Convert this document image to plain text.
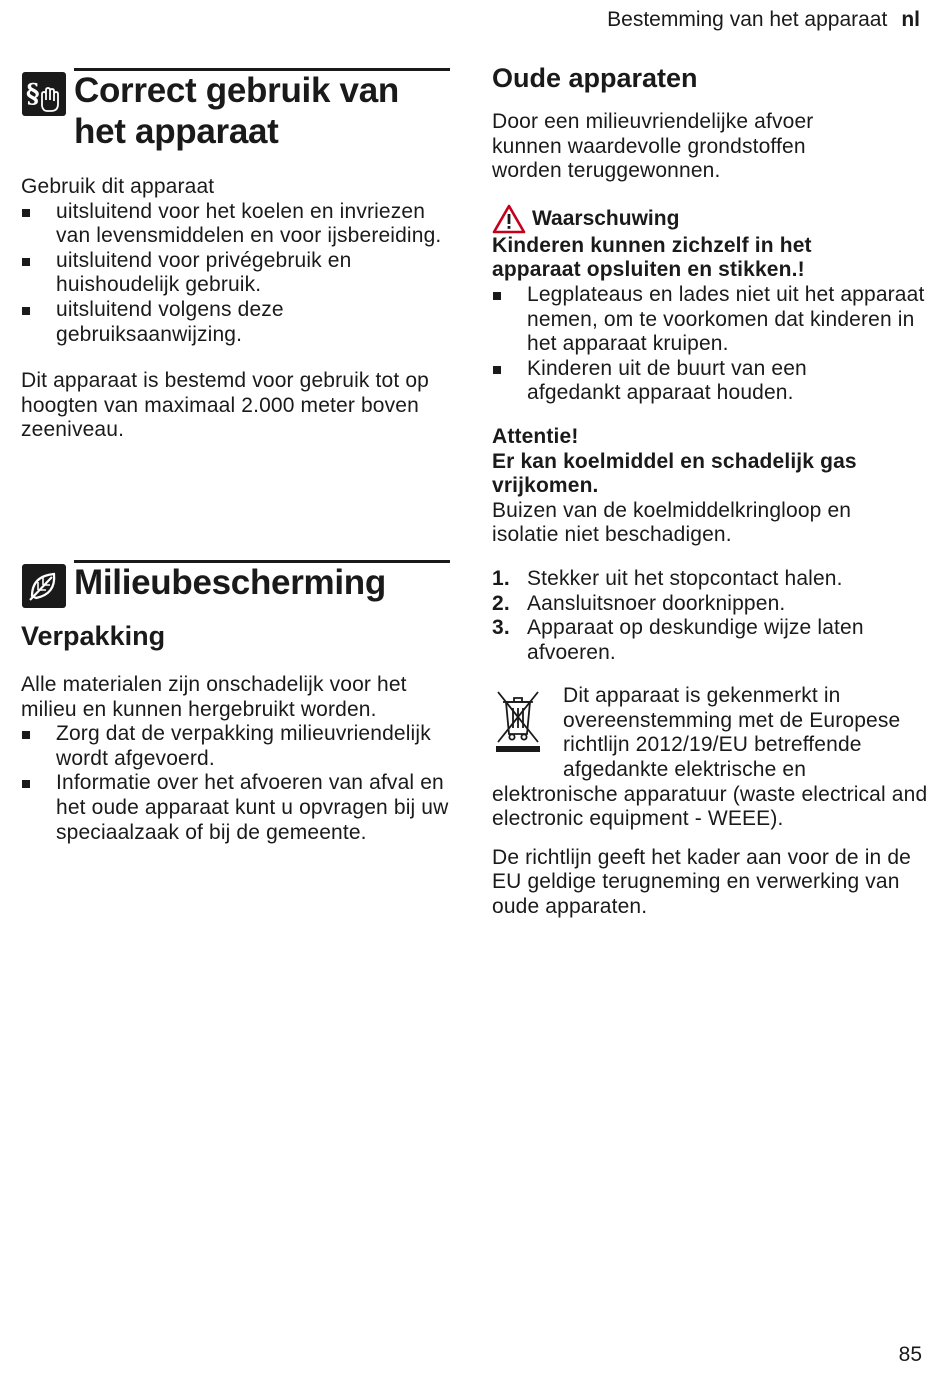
Bestemming van het apparaat nl
§ Correct gebruik van
het apparaat

Gebruik dit apparaat

uitsluitend voor het koelen en invriezen van levensmiddelen en voor ijsbereiding.
uitsluitend voor privégebruik en huishoudelijk gebruik.
uitsluitend volgens deze gebruiksaanwijzing.

Dit apparaat is bestemd voor gebruik tot op hoogten van maximaal 2.000 meter boven zeeniveau.

Milieubescherming
Verpakking

Alle materialen zijn onschadelijk voor het milieu en kunnen hergebruikt worden.

Zorg dat de verpakking milieuvriendelijk wordt afgevoerd.
Informatie over het afvoeren van afval en het oude apparaat kunt u opvragen bij uw speciaalzaak of bij de gemeente.
Oude apparaten

Door een milieuvriendelijke afvoer kunnen waardevolle grondstoffen worden teruggewonnen.

Waarschuwing

Kinderen kunnen zichzelf in het apparaat opsluiten en stikken.!

Legplateaus en lades niet uit het apparaat nemen, om te voorkomen dat kinderen in het apparaat kruipen.
Kinderen uit de buurt van een afgedankt apparaat houden.

Attentie!

Er kan koelmiddel en schadelijk gas vrijkomen.

Buizen van de koelmiddelkringloop en isolatie niet beschadigen.

1. Stekker uit het stopcontact halen.
2. Aansluitsnoer doorknippen.
3. Apparaat op deskundige wijze laten afvoeren.

Dit apparaat is gekenmerkt in overeenstemming met de Europese richtlijn 2012/19/EU betreffende afgedankte elektrische en elektronische apparatuur (waste electrical and electronic equipment - WEEE).

De richtlijn geeft het kader aan voor de in de EU geldige terugneming en verwerking van oude apparaten.

85
